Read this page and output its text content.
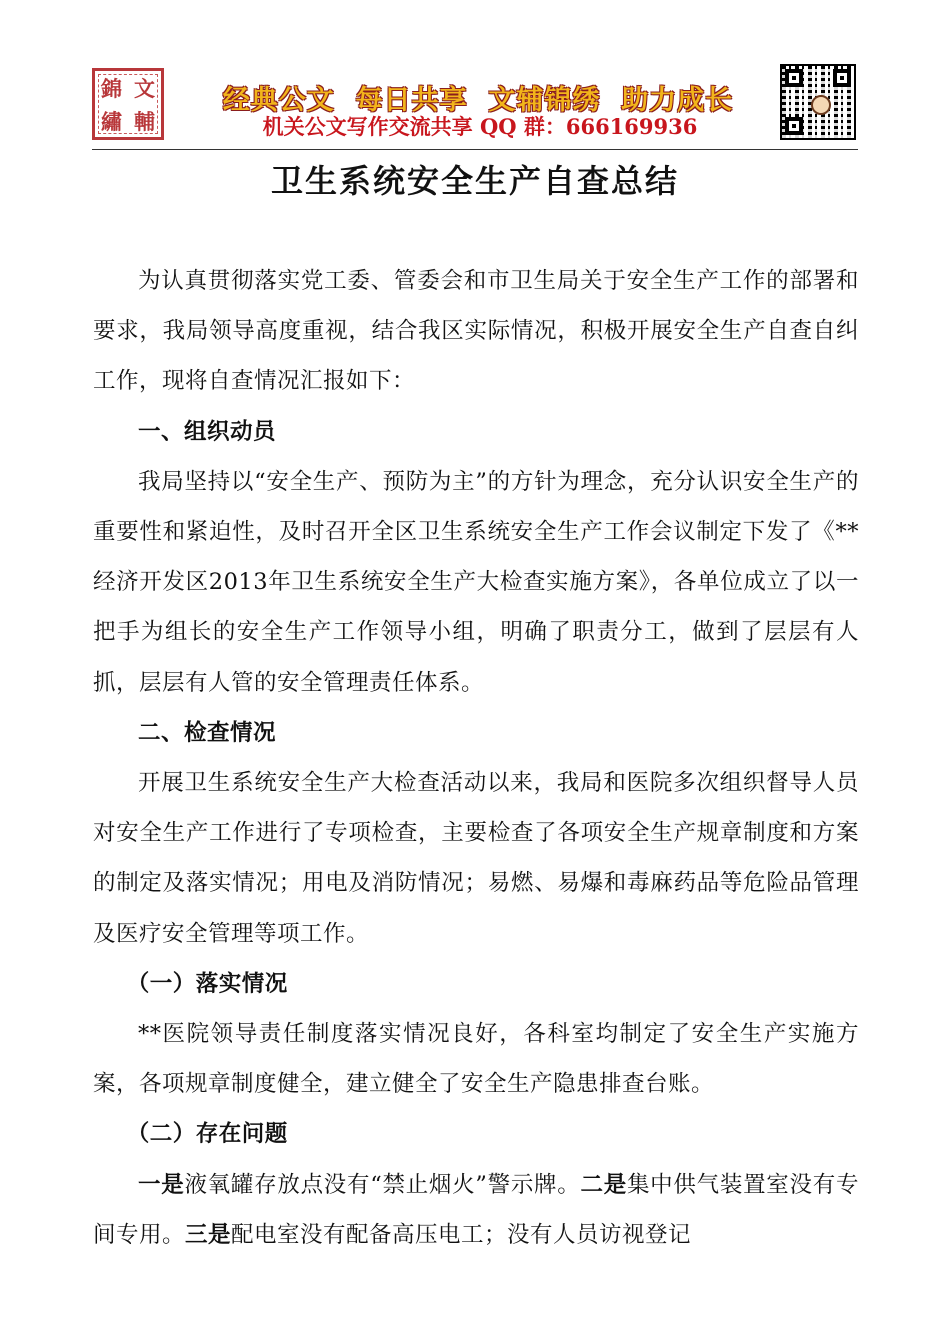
錦 文
繡 輔
经典公文  每日共享  文辅锦绣  助力成长
机关公文写作交流共享 QQ 群：666169936
卫生系统安全生产自查总结

为认真贯彻落实党工委、管委会和市卫生局关于安全生产工作的部署和要求，我局领导高度重视，结合我区实际情况，积极开展安全生产自查自纠工作，现将自查情况汇报如下：

一、组织动员

我局坚持以“安全生产、预防为主”的方针为理念，充分认识安全生产的重要性和紧迫性，及时召开全区卫生系统安全生产工作会议制定下发了《**经济开发区2013年卫生系统安全生产大检查实施方案》，各单位成立了以一把手为组长的安全生产工作领导小组，明确了职责分工，做到了层层有人抓，层层有人管的安全管理责任体系。

二、检查情况

开展卫生系统安全生产大检查活动以来，我局和医院多次组织督导人员对安全生产工作进行了专项检查，主要检查了各项安全生产规章制度和方案的制定及落实情况；用电及消防情况；易燃、易爆和毒麻药品等危险品管理及医疗安全管理等项工作。

（一）落实情况

**医院领导责任制度落实情况良好，各科室均制定了安全生产实施方案，各项规章制度健全，建立健全了安全生产隐患排查台账。

（二）存在问题

一是液氧罐存放点没有“禁止烟火”警示牌。二是集中供气装置室没有专间专用。三是配电室没有配备高压电工；没有人员访视登记
